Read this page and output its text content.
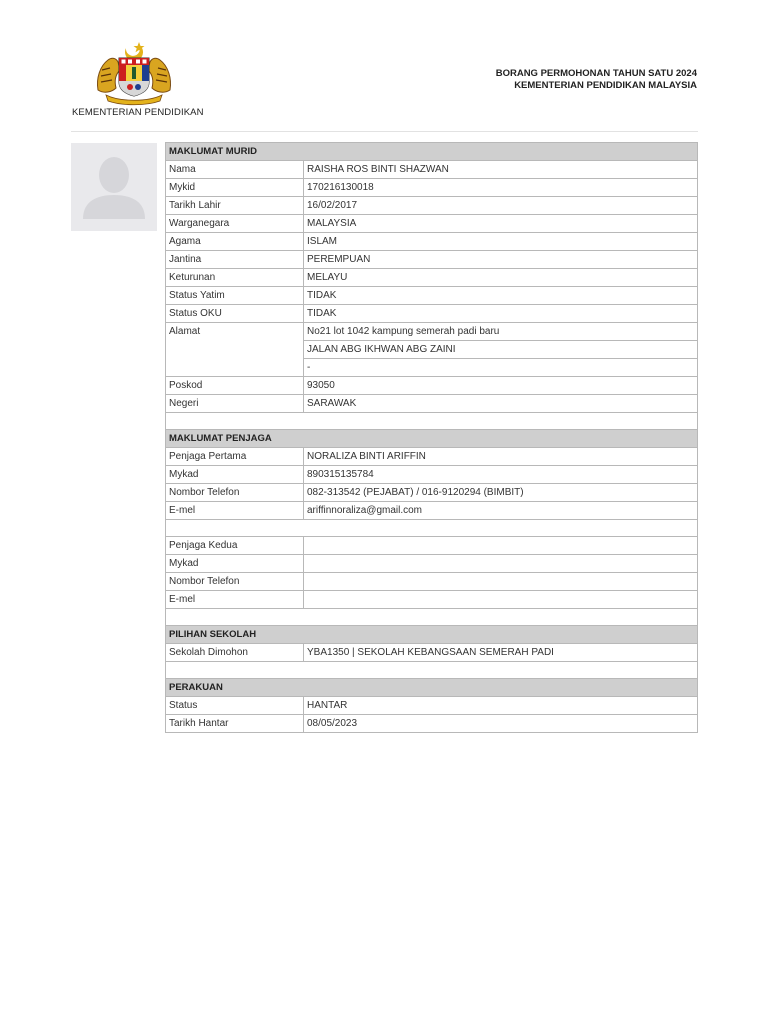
KEMENTERIAN PENDIDIKAN
BORANG PERMOHONAN TAHUN SATU 2024
KEMENTERIAN PENDIDIKAN MALAYSIA
MAKLUMAT MURID	
Nama	RAISHA ROS BINTI SHAZWAN
Mykid	170216130018
Tarikh Lahir	16/02/2017
Warganegara	MALAYSIA
Agama	ISLAM
Jantina	PEREMPUAN
Keturunan	MELAYU
Status Yatim	TIDAK
Status OKU	TIDAK
Alamat	No21 lot 1042 kampung semerah padi baru
	JALAN ABG IKHWAN ABG ZAINI
	-
Poskod	93050
Negeri	SARAWAK

MAKLUMAT PENJAGA	
Penjaga Pertama	NORALIZA BINTI ARIFFIN
Mykad	890315135784
Nombor Telefon	082-313542 (PEJABAT) / 016-9120294 (BIMBIT)
E-mel	ariffinnoraliza@gmail.com

Penjaga Kedua	
Mykad	
Nombor Telefon	
E-mel	

PILIHAN SEKOLAH	
Sekolah Dimohon	YBA1350 | SEKOLAH KEBANGSAAN SEMERAH PADI

PERAKUAN	
Status	HANTAR
Tarikh Hantar	08/05/2023
